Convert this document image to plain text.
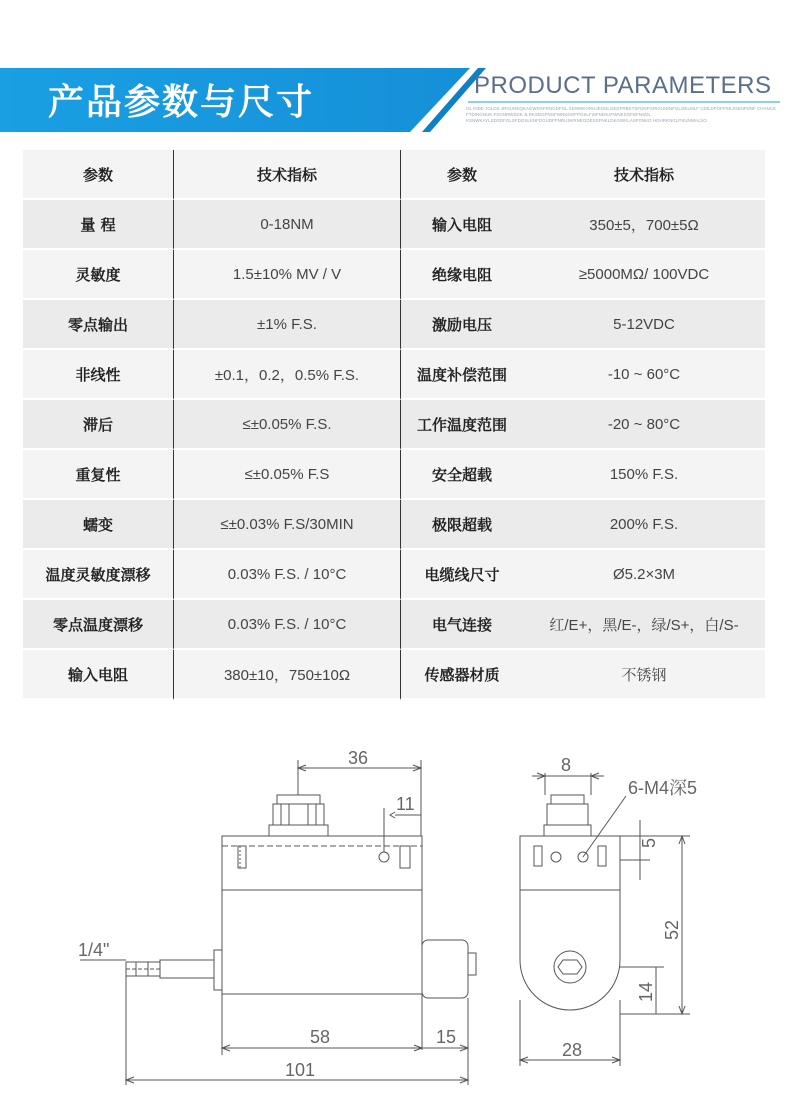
产品参数与尺寸	PRODUCT PARAMETERS
OL INDE JGLDS JRGUNEQKAGWDSFRNGDFGL SDWNKGRHJEGNLGEDFRBKTSFDNFGRKGSDNFGLOELMLF CDILDFOFPSEJGENFDNF CHANCE FTDINGNUK FSGNRWSDE JLRKSDGFNOFWNKDOFPGSLFISFNDSJFWNKSGFDFNSDL KSNWKAYLSDSDFGLSFDGSLKNFDGUDFFNRUSKRNEGDESSFNKLDKGWKLASFGNKD HGHRKNGLPSUNWALSO
参数	技术指标	参数	技术指标
量 程	0-18NM	输入电阻	350±5，700±5Ω
灵敏度	1.5±10% MV / V	绝缘电阻	≥5000MΩ/ 100VDC
零点输出	±1% F.S.	激励电压	5-12VDC
非线性	±0.1，0.2，0.5% F.S.	温度补偿范围	-10 ~ 60°C
滞后	≤±0.05% F.S.	工作温度范围	-20 ~ 80°C
重复性	≤±0.05% F.S	安全超载	150% F.S.
蠕变	≤±0.03% F.S/30MIN	极限超载	200% F.S.
温度灵敏度漂移	0.03% F.S. / 10°C	电缆线尺寸	Ø5.2×3M
零点温度漂移	0.03% F.S. / 10°C	电气连接	红/E+，黑/E-，绿/S+，白/S-
输入电阻	380±10，750±10Ω	传感器材质	不锈钢
36
11
1/4"
58	15
101
8
6-M4深5
28
5
52
14
